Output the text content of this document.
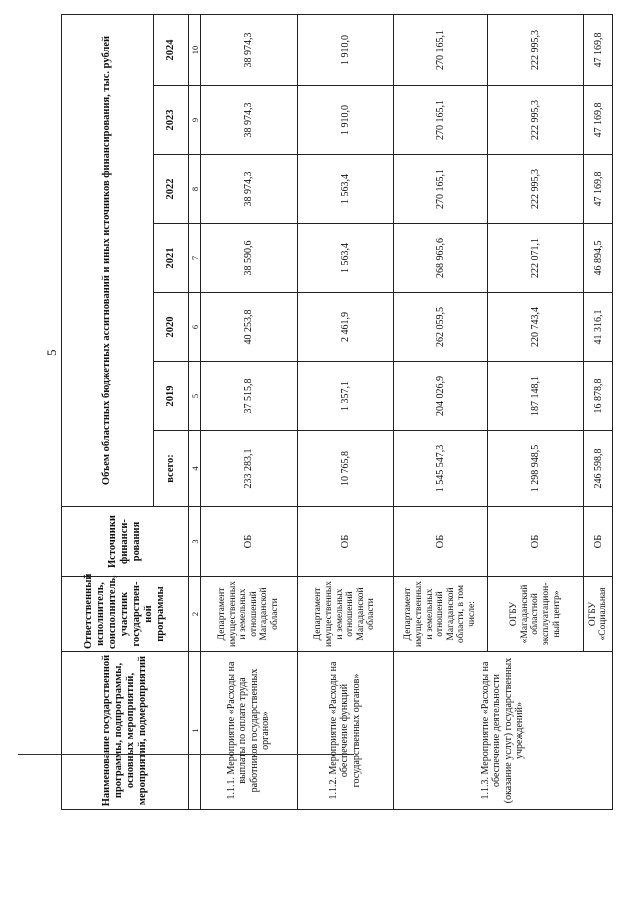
5
Наименование государственной программы, подпрограммы, основных мероприятий, мероприятий, подмероприятий	Ответственный исполнитель, соисполнитель, участник государствен-ной программы	Источники финанси-рования	Объем областных бюджетных ассигнований и иных источников финансирования, тыс. рублей						
			всего:	2019	2020	2021	2022	2023	2024
1	2	3	4	5	6	7	8	9	10
1.1.1. Мероприятие «Расходы на выплаты по оплате труда работников государственных органов»	Департамент имущественных и земельных отношений Магаданской области	ОБ	233 283,1	37 515,8	40 253,8	38 590,6	38 974,3	38 974,3	38 974,3
1.1.2. Мероприятие «Расходы на обеспечение функций государственных органов»	Департамент имущественных и земельных отношений Магаданской области	ОБ	10 765,8	1 357,1	2 461,9	1 563,4	1 563,4	1 910,0	1 910,0
1.1.3. Мероприятие «Расходы на обеспечение деятельности (оказание услуг) государственных учреждений»	Департамент имущественных и земельных отношений Магаданской области, в том числе:	ОБ	1 545 547,3	204 026,9	262 059,5	268 965,6	270 165,1	270 165,1	270 165,1
	ОГБУ «Магаданский областной эксплуатацион-ный центр»	ОБ	1 298 948,5	187 148,1	220 743,4	222 071,1	222 995,3	222 995,3	222 995,3
	ОГБУ «Социальная	ОБ	246 598,8	16 878,8	41 316,1	46 894,5	47 169,8	47 169,8	47 169,8
